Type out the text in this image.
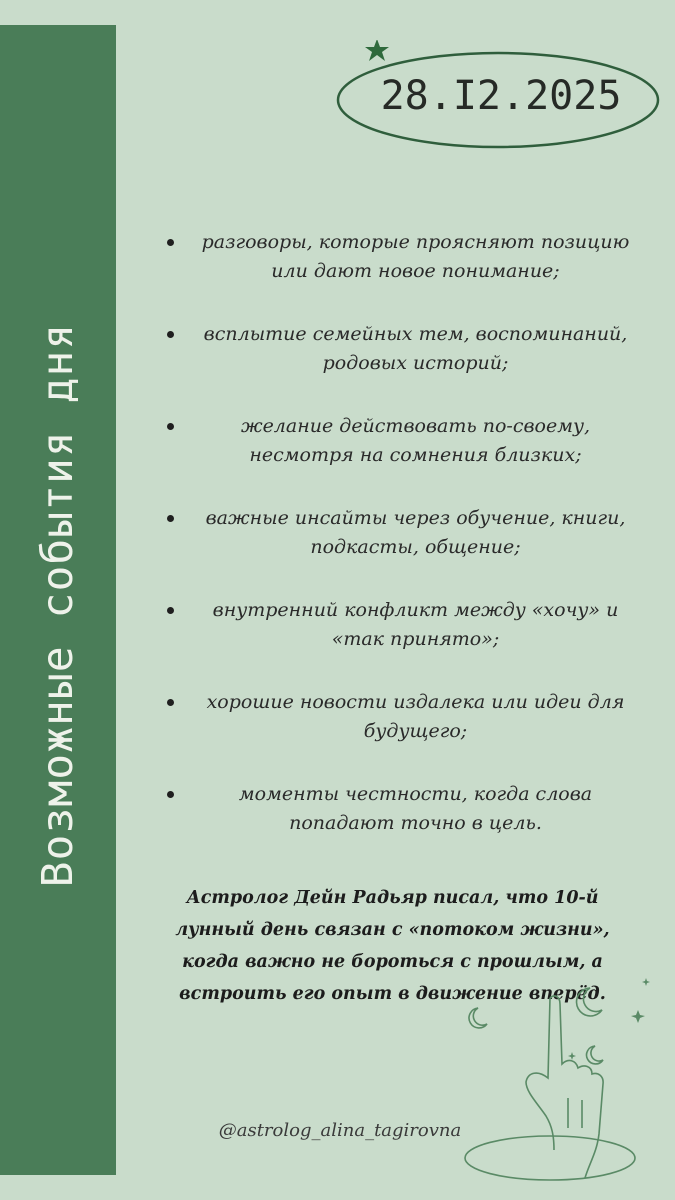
Возможные события дня
28.I2.2025
разговоры, которые проясняют позицию или дают новое понимание;
всплытие семейных тем, воспоминаний, родовых историй;
желание действовать по-своему, несмотря на сомнения близких;
важные инсайты через обучение, книги, подкасты, общение;
внутренний конфликт между «хочу» и «так принято»;
хорошие новости издалека или идеи для будущего;
моменты честности, когда слова попадают точно в цель.
Астролог Дейн Радьяр писал, что 10-й лунный день связан с «потоком жизни», когда важно не бороться с прошлым, а встроить его опыт в движение вперёд.
@astrolog_alina_tagirovna
